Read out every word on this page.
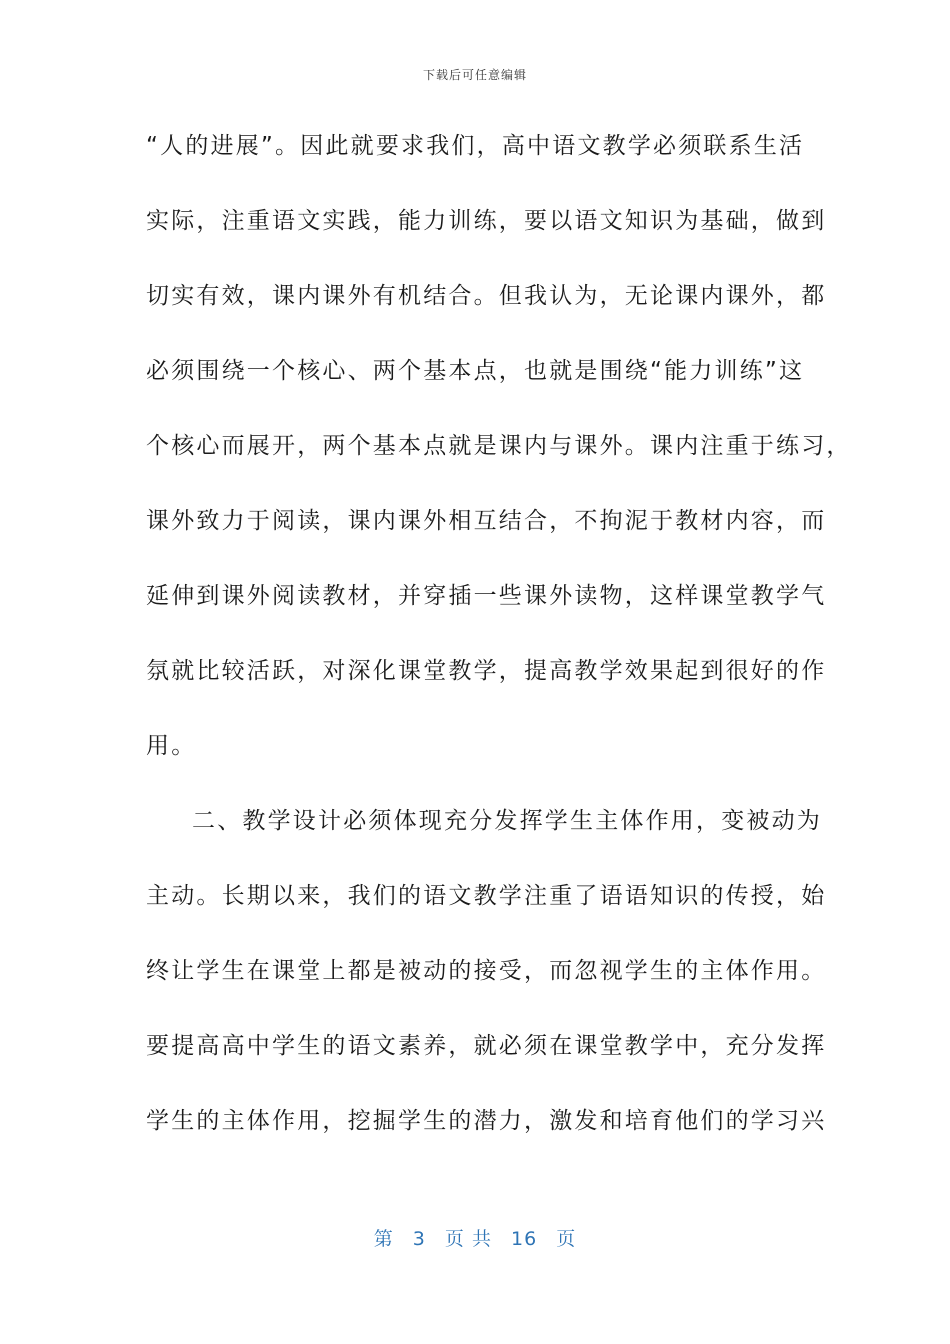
下载后可任意编辑
“人的进展”。因此就要求我们，高中语文教学必须联系生活
实际，注重语文实践，能力训练，要以语文知识为基础，做到
切实有效，课内课外有机结合。但我认为，无论课内课外，都
必须围绕一个核心、两个基本点，也就是围绕“能力训练”这
个核心而展开，两个基本点就是课内与课外。课内注重于练习，
课外致力于阅读，课内课外相互结合，不拘泥于教材内容，而
延伸到课外阅读教材，并穿插一些课外读物，这样课堂教学气
氛就比较活跃，对深化课堂教学，提高教学效果起到很好的作
用。
二、教学设计必须体现充分发挥学生主体作用，变被动为
主动。长期以来，我们的语文教学注重了语语知识的传授，始
终让学生在课堂上都是被动的接受，而忽视学生的主体作用。
要提高高中学生的语文素养，就必须在课堂教学中，充分发挥
学生的主体作用，挖掘学生的潜力，激发和培育他们的学习兴
第 3 页 共 16 页
